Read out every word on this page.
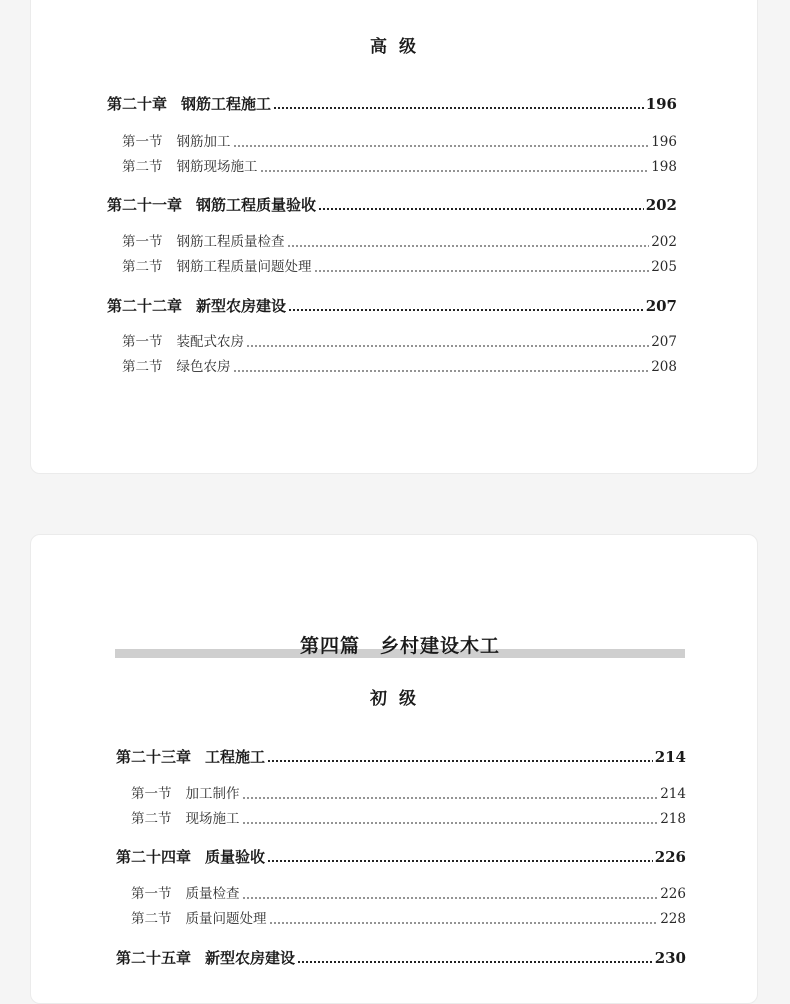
高 级
第二十章 钢筋工程施工	196
第一节 钢筋加工	196
第二节 钢筋现场施工	198
第二十一章 钢筋工程质量验收	202
第一节 钢筋工程质量检查	202
第二节 钢筋工程质量问题处理	205
第二十二章 新型农房建设	207
第一节 装配式农房	207
第二节 绿色农房	208
第四篇　乡村建设木工
初 级
第二十三章 工程施工	214
第一节 加工制作	214
第二节 现场施工	218
第二十四章 质量验收	226
第一节 质量检查	226
第二节 质量问题处理	228
第二十五章 新型农房建设	230
